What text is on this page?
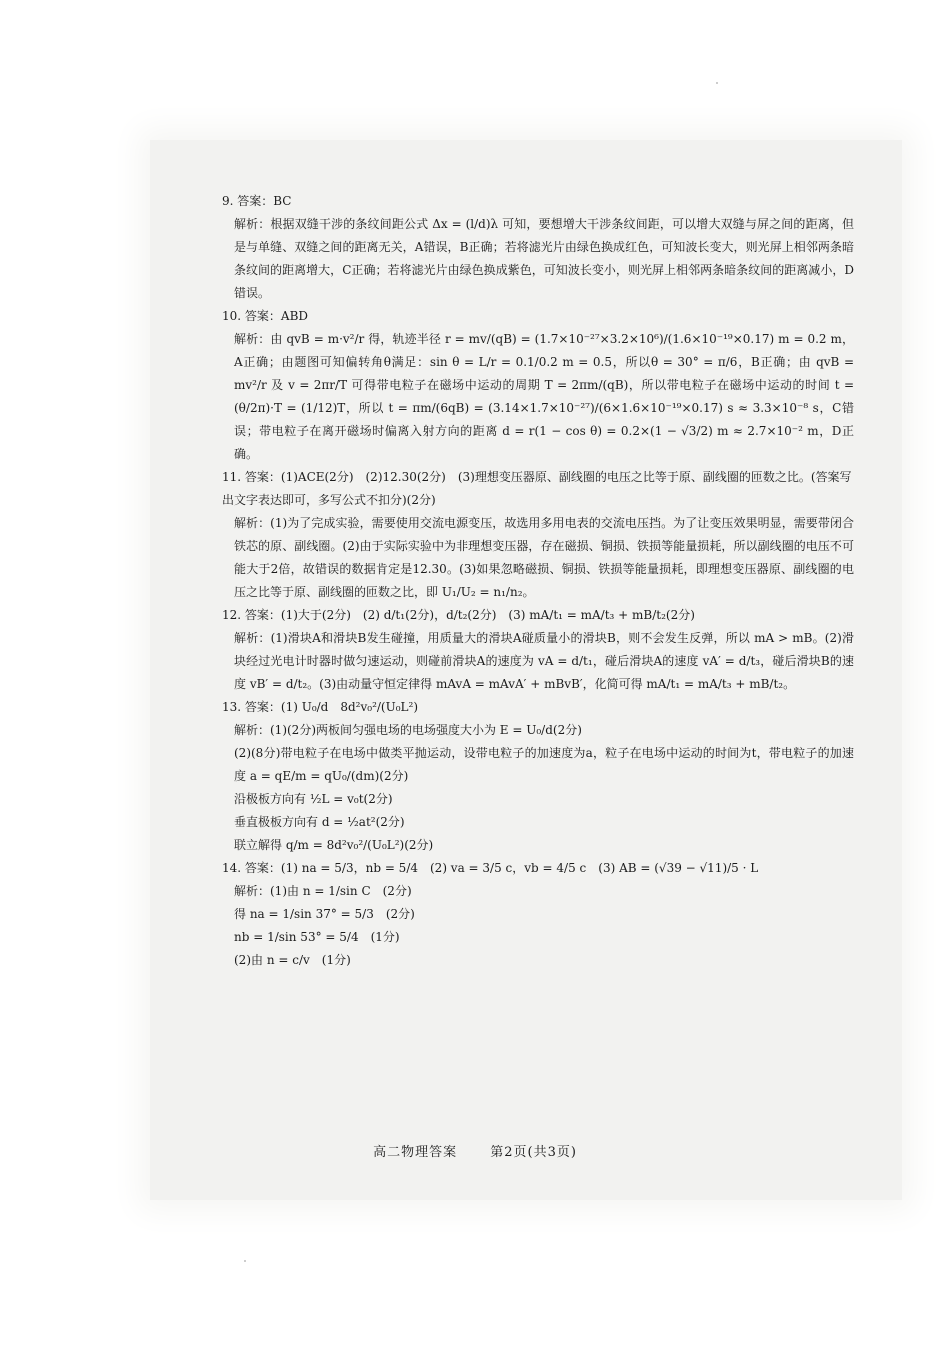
9. 答案：BC

解析：根据双缝干涉的条纹间距公式 Δx = (l/d)λ 可知，要想增大干涉条纹间距，可以增大双缝与屏之间的距离，但是与单缝、双缝之间的距离无关，A错误，B正确；若将滤光片由绿色换成红色，可知波长变大，则光屏上相邻两条暗条纹间的距离增大，C正确；若将滤光片由绿色换成紫色，可知波长变小，则光屏上相邻两条暗条纹间的距离减小，D错误。

10. 答案：ABD

解析：由 qvB = m·v²/r 得，轨迹半径 r = mv/(qB) = (1.7×10⁻²⁷×3.2×10⁶)/(1.6×10⁻¹⁹×0.17) m = 0.2 m，A正确；由题图可知偏转角θ满足：sin θ = L/r = 0.1/0.2 m = 0.5，所以θ = 30° = π/6，B正确；由 qvB = mv²/r 及 v = 2πr/T 可得带电粒子在磁场中运动的周期 T = 2πm/(qB)，所以带电粒子在磁场中运动的时间 t = (θ/2π)·T = (1/12)T，所以 t = πm/(6qB) = (3.14×1.7×10⁻²⁷)/(6×1.6×10⁻¹⁹×0.17) s ≈ 3.3×10⁻⁸ s，C错误；带电粒子在离开磁场时偏离入射方向的距离 d = r(1 − cos θ) = 0.2×(1 − √3/2) m ≈ 2.7×10⁻² m，D正确。

11. 答案：(1)ACE(2分)　(2)12.30(2分)　(3)理想变压器原、副线圈的电压之比等于原、副线圈的匝数之比。(答案写出文字表达即可，多写公式不扣分)(2分)

解析：(1)为了完成实验，需要使用交流电源变压，故选用多用电表的交流电压挡。为了让变压效果明显，需要带闭合铁芯的原、副线圈。(2)由于实际实验中为非理想变压器，存在磁损、铜损、铁损等能量损耗，所以副线圈的电压不可能大于2倍，故错误的数据肯定是12.30。(3)如果忽略磁损、铜损、铁损等能量损耗，即理想变压器原、副线圈的电压之比等于原、副线圈的匝数之比，即 U₁/U₂ = n₁/n₂。

12. 答案：(1)大于(2分)　(2) d/t₁(2分)，d/t₂(2分)　(3) mA/t₁ = mA/t₃ + mB/t₂(2分)

解析：(1)滑块A和滑块B发生碰撞，用质量大的滑块A碰质量小的滑块B，则不会发生反弹，所以 mA > mB。(2)滑块经过光电计时器时做匀速运动，则碰前滑块A的速度为 vA = d/t₁，碰后滑块A的速度 vA′ = d/t₃，碰后滑块B的速度 vB′ = d/t₂。(3)由动量守恒定律得 mAvA = mAvA′ + mBvB′，化简可得 mA/t₁ = mA/t₃ + mB/t₂。

13. 答案：(1) U₀/d　8d²v₀²/(U₀L²)

解析：(1)(2分)两板间匀强电场的电场强度大小为 E = U₀/d(2分)

(2)(8分)带电粒子在电场中做类平抛运动，设带电粒子的加速度为a，粒子在电场中运动的时间为t，带电粒子的加速度 a = qE/m = qU₀/(dm)(2分)

沿极板方向有 ½L = v₀t(2分)

垂直极板方向有 d = ½at²(2分)

联立解得 q/m = 8d²v₀²/(U₀L²)(2分)

14. 答案：(1) na = 5/3，nb = 5/4　(2) va = 3/5 c，vb = 4/5 c　(3) AB = (√39 − √11)/5 · L

解析：(1)由 n = 1/sin C　(2分)

得 na = 1/sin 37° = 5/3　(2分)

nb = 1/sin 53° = 5/4　(1分)

(2)由 n = c/v　(1分)

高二物理答案	第2页(共3页)
